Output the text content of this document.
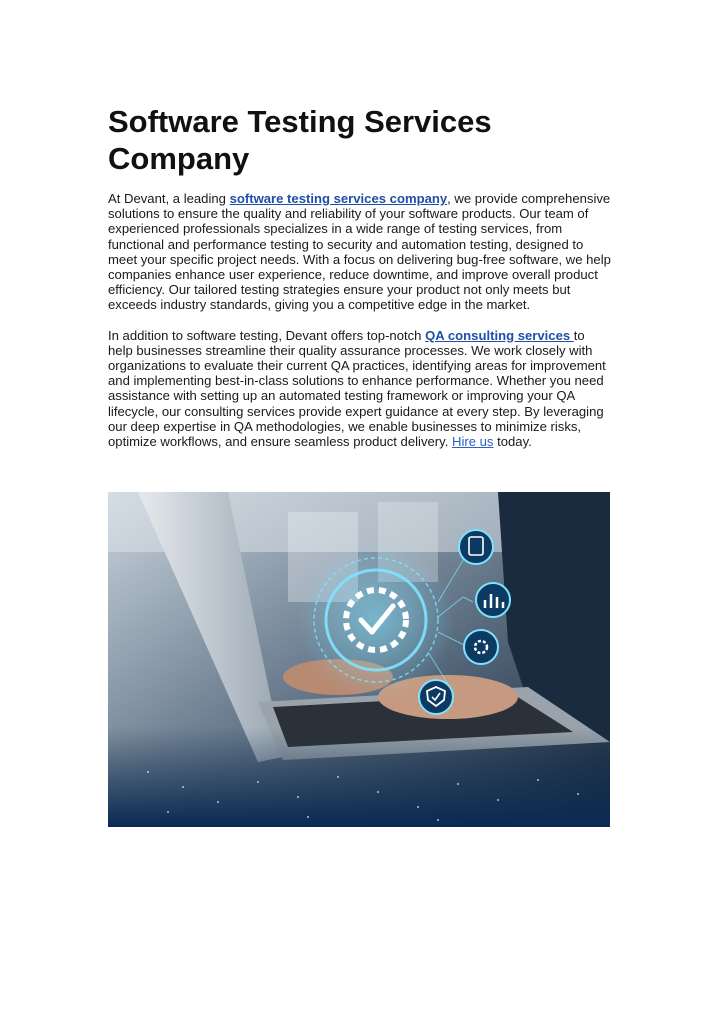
Software Testing Services Company

At Devant, a leading software testing services company, we provide comprehensive solutions to ensure the quality and reliability of your software products. Our team of experienced professionals specializes in a wide range of testing services, from functional and performance testing to security and automation testing, designed to meet your specific project needs. With a focus on delivering bug-free software, we help companies enhance user experience, reduce downtime, and improve overall product efficiency. Our tailored testing strategies ensure your product not only meets but exceeds industry standards, giving you a competitive edge in the market.

In addition to software testing, Devant offers top-notch QA consulting services to help businesses streamline their quality assurance processes. We work closely with organizations to evaluate their current QA practices, identifying areas for improvement and implementing best-in-class solutions to enhance performance. Whether you need assistance with setting up an automated testing framework or improving your QA lifecycle, our consulting services provide expert guidance at every step. By leveraging our deep expertise in QA methodologies, we enable businesses to minimize risks, optimize workflows, and ensure seamless product delivery. Hire us today.
